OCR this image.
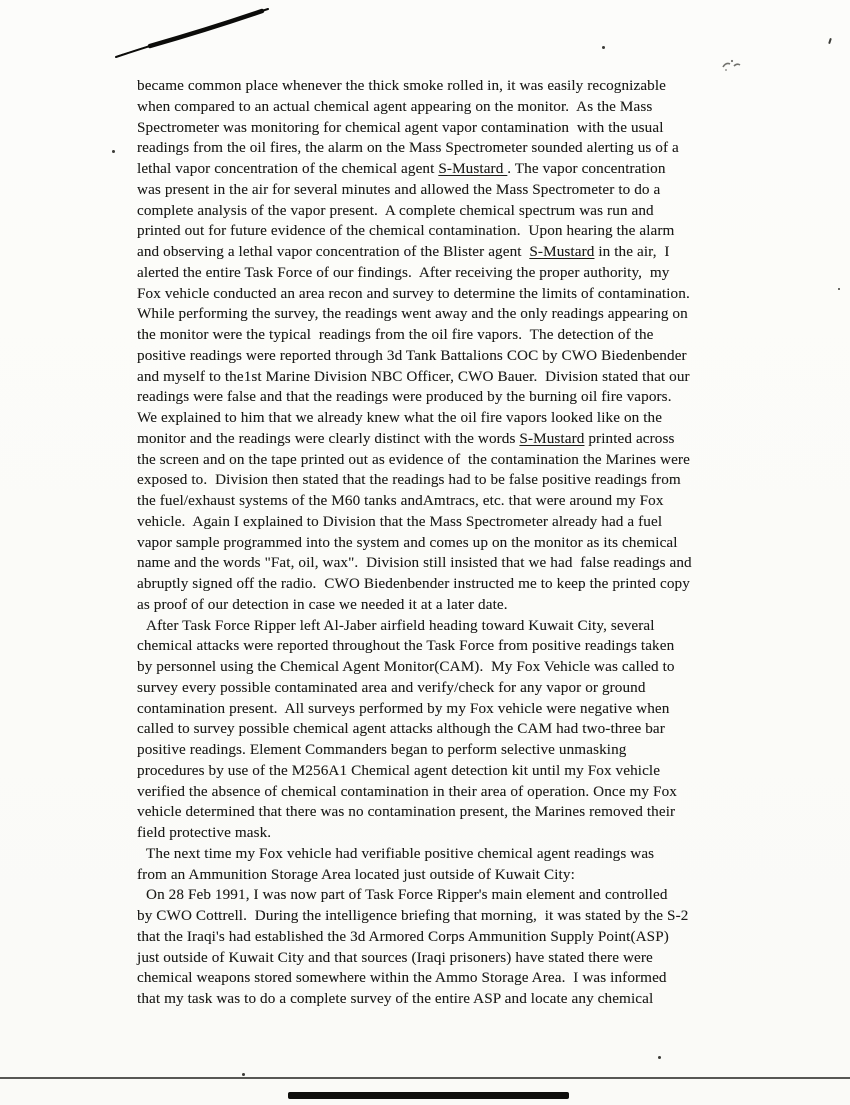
became common place whenever the thick smoke rolled in, it was easily recognizable
when compared to an actual chemical agent appearing on the monitor.  As the Mass
Spectrometer was monitoring for chemical agent vapor contamination  with the usual
readings from the oil fires, the alarm on the Mass Spectrometer sounded alerting us of a
lethal vapor concentration of the chemical agent S-Mustard . The vapor concentration
was present in the air for several minutes and allowed the Mass Spectrometer to do a
complete analysis of the vapor present.  A complete chemical spectrum was run and
printed out for future evidence of the chemical contamination.  Upon hearing the alarm
and observing a lethal vapor concentration of the Blister agent  S-Mustard in the air,  I
alerted the entire Task Force of our findings.  After receiving the proper authority,  my
Fox vehicle conducted an area recon and survey to determine the limits of contamination.
While performing the survey, the readings went away and the only readings appearing on
the monitor were the typical  readings from the oil fire vapors.  The detection of the
positive readings were reported through 3d Tank Battalions COC by CWO Biedenbender
and myself to the1st Marine Division NBC Officer, CWO Bauer.  Division stated that our
readings were false and that the readings were produced by the burning oil fire vapors.
We explained to him that we already knew what the oil fire vapors looked like on the
monitor and the readings were clearly distinct with the words S-Mustard printed across
the screen and on the tape printed out as evidence of  the contamination the Marines were
exposed to.  Division then stated that the readings had to be false positive readings from
the fuel/exhaust systems of the M60 tanks andAmtracs, etc. that were around my Fox
vehicle.  Again I explained to Division that the Mass Spectrometer already had a fuel
vapor sample programmed into the system and comes up on the monitor as its chemical
name and the words "Fat, oil, wax".  Division still insisted that we had  false readings and
abruptly signed off the radio.  CWO Biedenbender instructed me to keep the printed copy
as proof of our detection in case we needed it at a later date.
After Task Force Ripper left Al-Jaber airfield heading toward Kuwait City, several
chemical attacks were reported throughout the Task Force from positive readings taken
by personnel using the Chemical Agent Monitor(CAM).  My Fox Vehicle was called to
survey every possible contaminated area and verify/check for any vapor or ground
contamination present.  All surveys performed by my Fox vehicle were negative when
called to survey possible chemical agent attacks although the CAM had two-three bar
positive readings. Element Commanders began to perform selective unmasking
procedures by use of the M256A1 Chemical agent detection kit until my Fox vehicle
verified the absence of chemical contamination in their area of operation. Once my Fox
vehicle determined that there was no contamination present, the Marines removed their
field protective mask.
The next time my Fox vehicle had verifiable positive chemical agent readings was
from an Ammunition Storage Area located just outside of Kuwait City:
On 28 Feb 1991, I was now part of Task Force Ripper's main element and controlled
by CWO Cottrell.  During the intelligence briefing that morning,  it was stated by the S-2
that the Iraqi's had established the 3d Armored Corps Ammunition Supply Point(ASP)
just outside of Kuwait City and that sources (Iraqi prisoners) have stated there were
chemical weapons stored somewhere within the Ammo Storage Area.  I was informed
that my task was to do a complete survey of the entire ASP and locate any chemical
